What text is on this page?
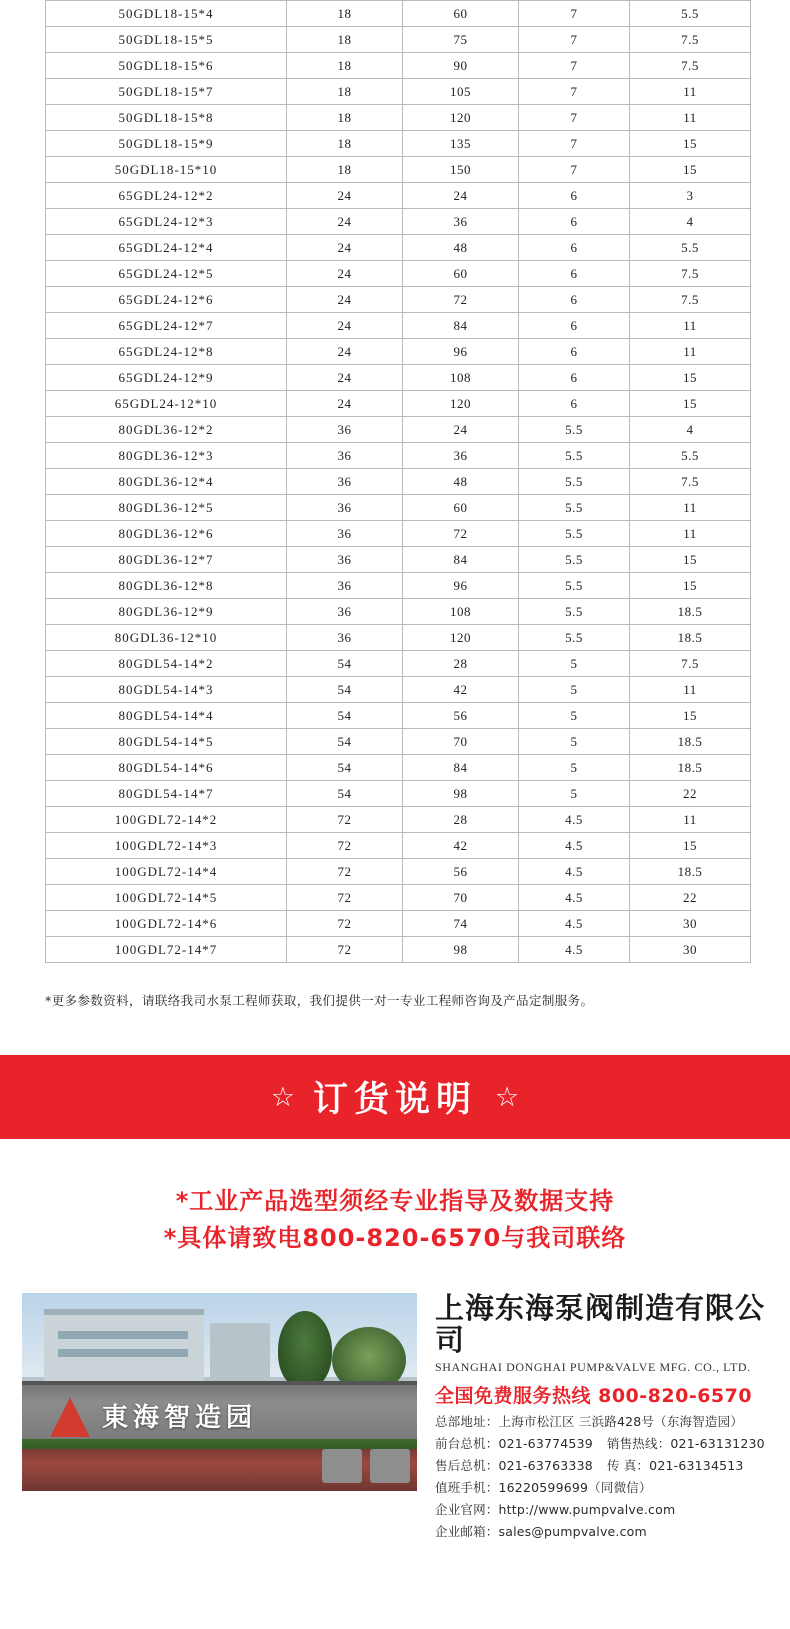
50GDL18-15*4	18	60	7	5.5
50GDL18-15*5	18	75	7	7.5
50GDL18-15*6	18	90	7	7.5
50GDL18-15*7	18	105	7	11
50GDL18-15*8	18	120	7	11
50GDL18-15*9	18	135	7	15
50GDL18-15*10	18	150	7	15
65GDL24-12*2	24	24	6	3
65GDL24-12*3	24	36	6	4
65GDL24-12*4	24	48	6	5.5
65GDL24-12*5	24	60	6	7.5
65GDL24-12*6	24	72	6	7.5
65GDL24-12*7	24	84	6	11
65GDL24-12*8	24	96	6	11
65GDL24-12*9	24	108	6	15
65GDL24-12*10	24	120	6	15
80GDL36-12*2	36	24	5.5	4
80GDL36-12*3	36	36	5.5	5.5
80GDL36-12*4	36	48	5.5	7.5
80GDL36-12*5	36	60	5.5	11
80GDL36-12*6	36	72	5.5	11
80GDL36-12*7	36	84	5.5	15
80GDL36-12*8	36	96	5.5	15
80GDL36-12*9	36	108	5.5	18.5
80GDL36-12*10	36	120	5.5	18.5
80GDL54-14*2	54	28	5	7.5
80GDL54-14*3	54	42	5	11
80GDL54-14*4	54	56	5	15
80GDL54-14*5	54	70	5	18.5
80GDL54-14*6	54	84	5	18.5
80GDL54-14*7	54	98	5	22
100GDL72-14*2	72	28	4.5	11
100GDL72-14*3	72	42	4.5	15
100GDL72-14*4	72	56	4.5	18.5
100GDL72-14*5	72	70	4.5	22
100GDL72-14*6	72	74	4.5	30
100GDL72-14*7	72	98	4.5	30
*更多参数资料，请联络我司水泵工程师获取，我们提供一对一专业工程师咨询及产品定制服务。
☆ 订货说明 ☆
*工业产品选型须经专业指导及数据支持
*具体请致电800-820-6570与我司联络
東海智造园
上海东海泵阀制造有限公司
SHANGHAI DONGHAI PUMP&VALVE MFG. CO., LTD.
全国免费服务热线 800-820-6570
总部地址：上海市松江区 三浜路428号（东海智造园）
前台总机：021-63774539 销售热线：021-63131230
售后总机：021-63763338 传 真：021-63134513
值班手机：16220599699（同微信）
企业官网：http://www.pumpvalve.com
企业邮箱：sales@pumpvalve.com
